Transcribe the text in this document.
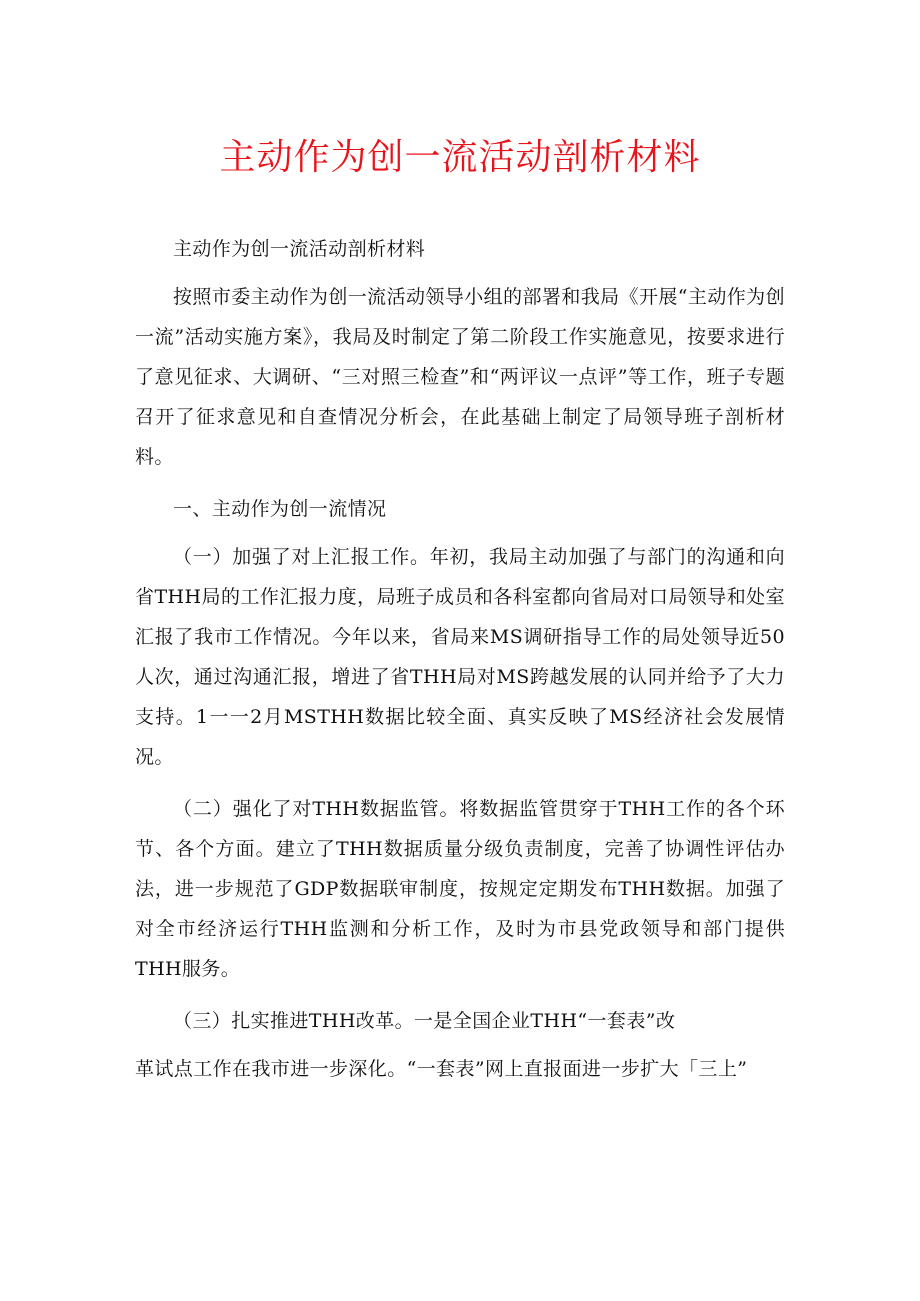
主动作为创一流活动剖析材料

主动作为创一流活动剖析材料

按照市委主动作为创一流活动领导小组的部署和我局《开展“主动作为创一流”活动实施方案》，我局及时制定了第二阶段工作实施意见，按要求进行了意见征求、大调研、“三对照三检查”和“两评议一点评”等工作，班子专题召开了征求意见和自查情况分析会，在此基础上制定了局领导班子剖析材料。

一、主动作为创一流情况

（一）加强了对上汇报工作。年初，我局主动加强了与部门的沟通和向省THH局的工作汇报力度，局班子成员和各科室都向省局对口局领导和处室汇报了我市工作情况。今年以来，省局来MS调研指导工作的局处领导近50人次，通过沟通汇报，增进了省THH局对MS跨越发展的认同并给予了大力支持。1一一2月MSTHH数据比较全面、真实反映了MS经济社会发展情况。

（二）强化了对THH数据监管。将数据监管贯穿于THH工作的各个环节、各个方面。建立了THH数据质量分级负责制度，完善了协调性评估办法，进一步规范了GDP数据联审制度，按规定定期发布THH数据。加强了对全市经济运行THH监测和分析工作，及时为市县党政领导和部门提供THH服务。

（三）扎实推进THH改革。一是全国企业THH“一套表”改

革试点工作在我市进一步深化。“一套表”网上直报面进一步扩大「三上”
